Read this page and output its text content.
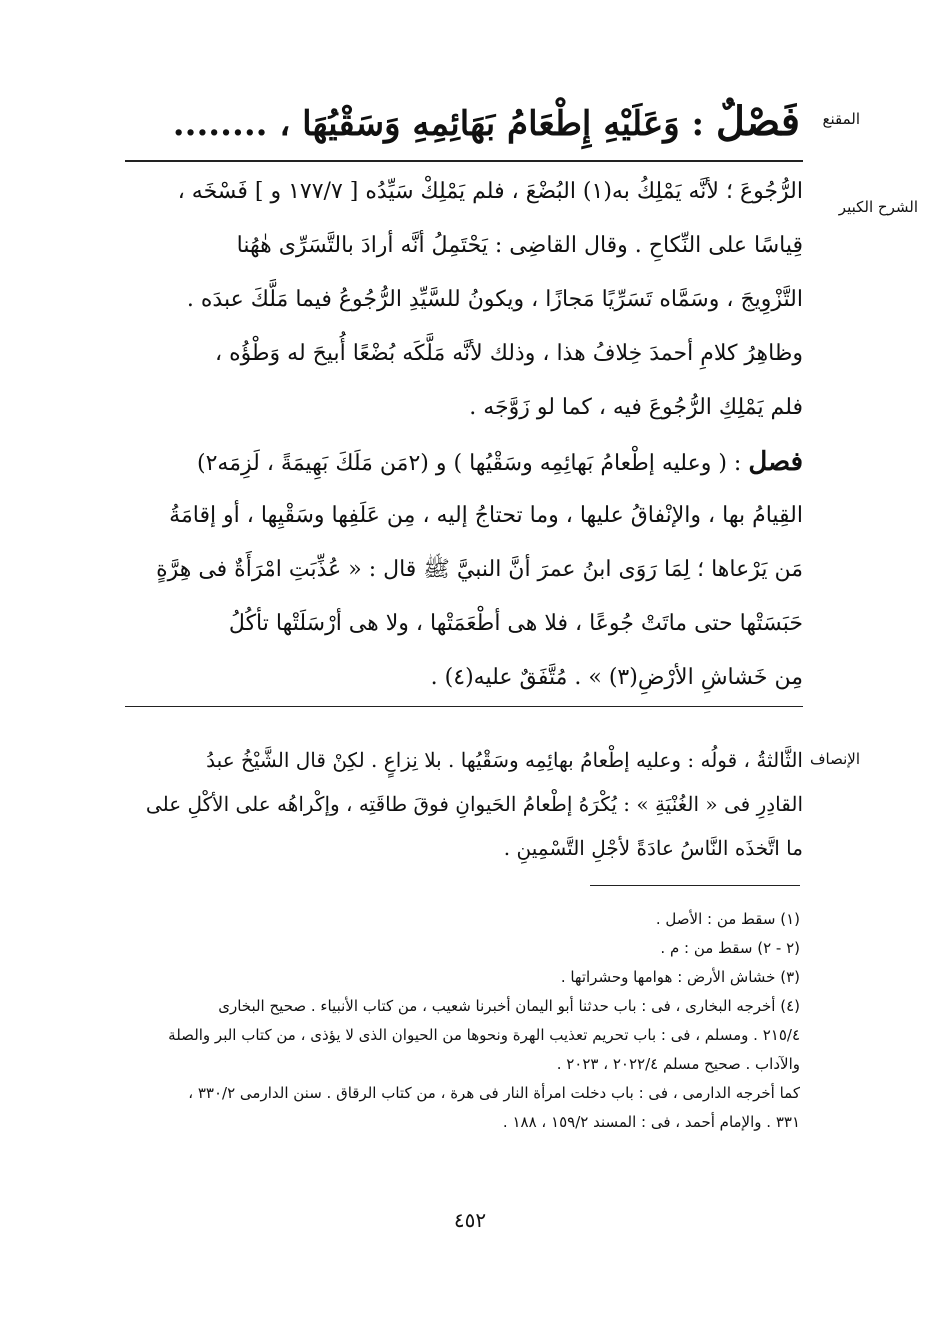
المقنع
فَصْلٌ : وَعَلَيْهِ إِطْعَامُ بَهَائِمِهِ وَسَقْيُهَا ، ........
الشرح الكبير
الرُّجُوعَ ؛ لأنَّه يَمْلِكُ به(١) البُضْعَ ، فلم يَمْلِكْ سَيِّدُه [ ١٧٧/٧ و ] فَسْخَه ،
قِياسًا على النِّكاحِ . وقال القاضِى : يَحْتَمِلُ أنَّه أرادَ بالتَّسَرِّى هٰهُنا
التَّزْوِيجَ ، وسَمَّاه تَسَرِّيًا مَجازًا ، ويكونُ للسَّيِّدِ الرُّجُوعُ فيما مَلَّكَ عبدَه .
وظاهِرُ كلامِ أحمدَ خِلافُ هذا ، وذلك لأنَّه مَلَّكَه بُضْعًا أُبيحَ له وَطْؤُه ،
فلم يَمْلِكِ الرُّجُوعَ فيه ، كما لو زَوَّجَه .
فصل : ( وعليه إطْعامُ بَهائِمِه وسَقْيُها ) و (٢مَن مَلَكَ بَهِيمَةً ، لَزِمَه٢)
القِيامُ بها ، والإنْفاقُ عليها ، وما تحتاجُ إليه ، مِن عَلَفِها وسَقْيِها ، أو إقامَةُ
مَن يَرْعاها ؛ لِمَا رَوَى ابنُ عمرَ أنَّ النبيَّ ﷺ قال : « عُذِّبَتِ امْرَأَةٌ فى هِرَّةٍ
حَبَسَتْها حتى ماتَتْ جُوعًا ، فلا هى أطْعَمَتْها ، ولا هى أرْسَلَتْها تأكُلُ
مِن خَشاشِ الأرْضِ(٣) » . مُتَّفَقٌ عليه(٤) .
الإنصاف
الثَّالثةُ ، قولُه : وعليه إطْعامُ بهائِمِه وسَقْيُها . بلا نِزاعٍ . لكِنْ قال الشَّيْخُ عبدُ
القادِرِ فى « الغُنْيَةِ » : يُكْرَهُ إطْعامُ الحَيوانِ فوقَ طاقَتِه ، وإكْراهُه على الأكْلِ على
ما اتَّخذَه النَّاسُ عادَةً لأجْلِ التَّسْمِينِ .
(١) سقط من : الأصل .
(٢ - ٢) سقط من : م .
(٣) خشاش الأرض : هوامها وحشراتها .
(٤) أخرجه البخارى ، فى : باب حدثنا أبو اليمان أخبرنا شعيب ، من كتاب الأنبياء . صحيح البخارى
٢١٥/٤ . ومسلم ، فى : باب تحريم تعذيب الهرة ونحوها من الحيوان الذى لا يؤذى ، من كتاب البر والصلة
والآداب . صحيح مسلم ٢٠٢٢/٤ ، ٢٠٢٣ .
كما أخرجه الدارمى ، فى : باب دخلت امرأة النار فى هرة ، من كتاب الرقاق . سنن الدارمى ٣٣٠/٢ ،
٣٣١ . والإمام أحمد ، فى : المسند ١٥٩/٢ ، ١٨٨ .
٤٥٢
